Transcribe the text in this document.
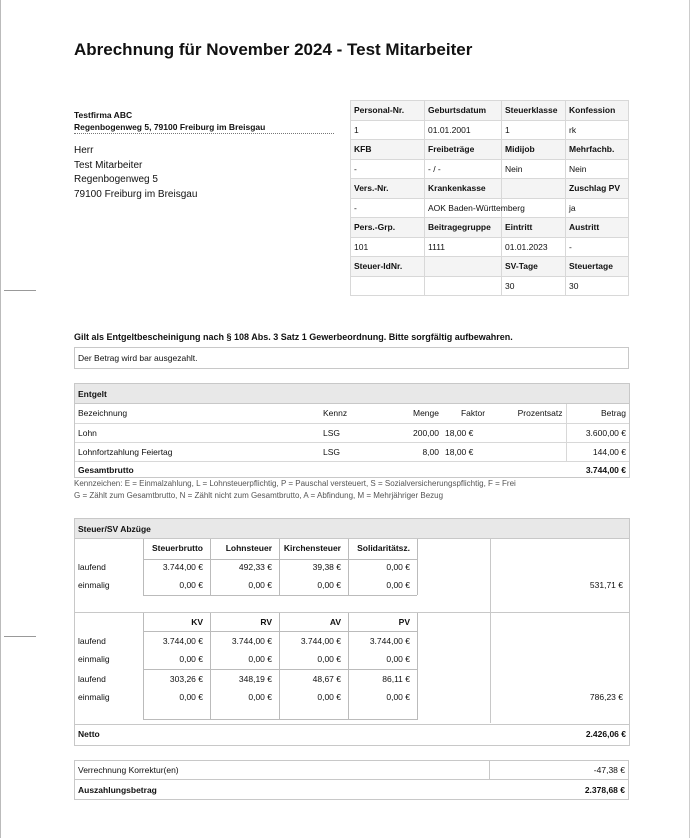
Abrechnung für November 2024 - Test Mitarbeiter
Testfirma ABC
Regenbogenweg 5, 79100 Freiburg im Breisgau
Herr
Test Mitarbeiter
Regenbogenweg 5
79100 Freiburg im Breisgau
Personal-Nr.	Geburtsdatum	Steuerklasse	Konfession
1	01.01.2001	1	rk
KFB	Freibeträge	Midijob	Mehrfachb.
-	- / -	Nein	Nein
Vers.-Nr.	Krankenkasse		Zuschlag PV
-	AOK Baden-Württemberg		ja
Pers.-Grp.	Beitragegruppe	Eintritt	Austritt
101	1111	01.01.2023	-
Steuer-IdNr.		SV-Tage	Steuertage
		30	30
Gilt als Entgeltbescheinigung nach § 108 Abs. 3 Satz 1 Gewerbeordnung. Bitte sorgfältig aufbewahren.
Der Betrag wird bar ausgezahlt.
Entgelt
Bezeichnung	Kennz	Menge	Faktor	Prozentsatz	Betrag
Lohn	LSG	200,00	18,00 €		3.600,00 €
Lohnfortzahlung Feiertag	LSG	8,00	18,00 €		144,00 €
Gesamtbrutto					3.744,00 €
Kennzeichen: E = Einmalzahlung, L = Lohnsteuerpflichtig, P = Pauschal versteuert, S = Sozialversicherungspflichtig, F = Frei
G = Zählt zum Gesamtbrutto, N = Zählt nicht zum Gesamtbrutto, A = Abfindung, M = Mehrjähriger Bezug
Steuer/SV Abzüge
Steuerbrutto	Lohnsteuer	Kirchensteuer	Solidaritätsz.
laufend	3.744,00 €	492,33 €	39,38 €	0,00 €
einmalig	0,00 €	0,00 €	0,00 €	0,00 €	531,71 €
KV	RV	AV	PV
laufend	3.744,00 €	3.744,00 €	3.744,00 €	3.744,00 €
einmalig	0,00 €	0,00 €	0,00 €	0,00 €
laufend	303,26 €	348,19 €	48,67 €	86,11 €
einmalig	0,00 €	0,00 €	0,00 €	0,00 €	786,23 €
Netto	2.426,06 €
Verrechnung Korrektur(en)	-47,38 €
Auszahlungsbetrag	2.378,68 €
